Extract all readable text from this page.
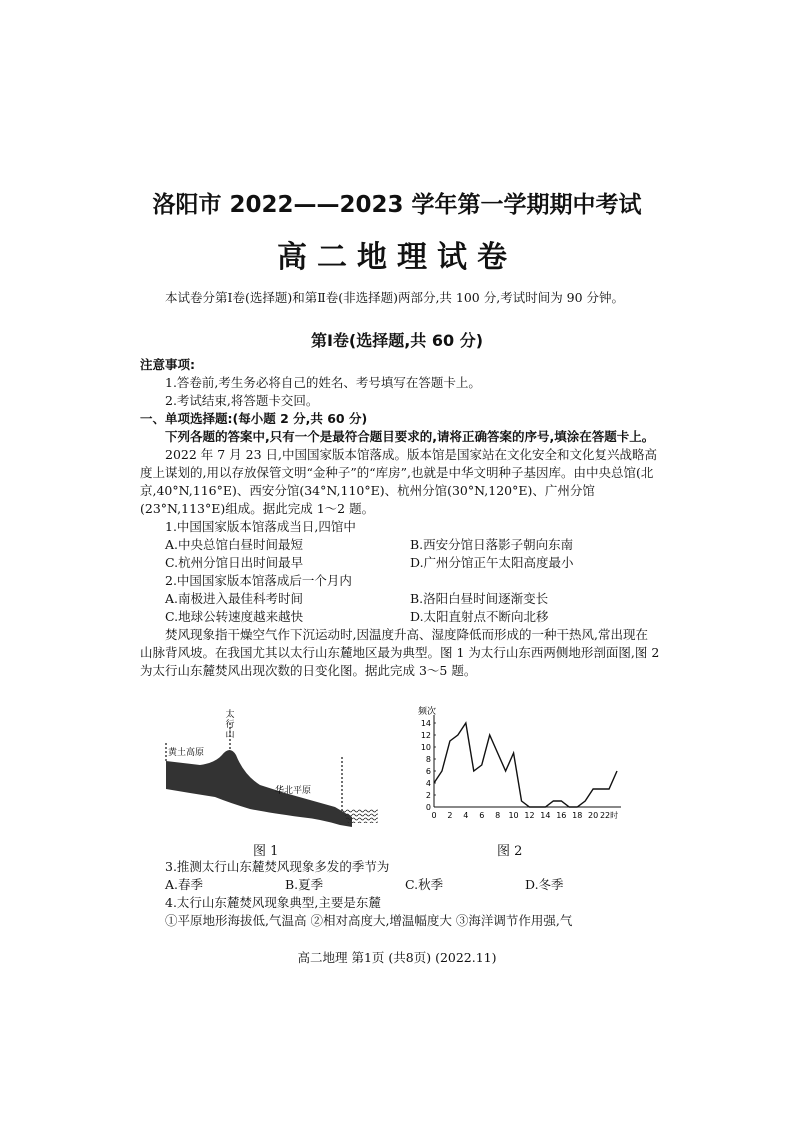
洛阳市 2022——2023 学年第一学期期中考试
高二地理试卷
本试卷分第Ⅰ卷(选择题)和第Ⅱ卷(非选择题)两部分,共 100 分,考试时间为 90 分钟。
第Ⅰ卷(选择题,共 60 分)

注意事项:

1.答卷前,考生务必将自己的姓名、考号填写在答题卡上。

2.考试结束,将答题卡交回。

一、单项选择题:(每小题 2 分,共 60 分)

下列各题的答案中,只有一个是最符合题目要求的,请将正确答案的序号,填涂在答题卡上。

2022 年 7 月 23 日,中国国家版本馆落成。版本馆是国家站在文化安全和文化复兴战略高度上谋划的,用以存放保管文明“金种子”的“库房”,也就是中华文明种子基因库。由中央总馆(北京,40°N,116°E)、西安分馆(34°N,110°E)、杭州分馆(30°N,120°E)、广州分馆(23°N,113°E)组成。据此完成 1～2 题。

1.中国国家版本馆落成当日,四馆中

A.中央总馆白昼时间最短	B.西安分馆日落影子朝向东南
C.杭州分馆日出时间最早	D.广州分馆正午太阳高度最小

2.中国国家版本馆落成后一个月内

A.南极进入最佳科考时间	B.洛阳白昼时间逐渐变长
C.地球公转速度越来越快	D.太阳直射点不断向北移

焚风现象指干燥空气作下沉运动时,因温度升高、湿度降低而形成的一种干热风,常出现在山脉背风坡。在我国尤其以太行山东麓地区最为典型。图 1 为太行山东西两侧地形剖面图,图 2 为太行山东麓焚风出现次数的日变化图。据此完成 3～5 题。

黄土高原
太
行
山
华北平原
图 1
频次
0
2
4
6
8
10
12
14
0 2 4 6 8 10 12 14 16 18 20 22时
图 2

3.推测太行山东麓焚风现象多发的季节为

A.春季	B.夏季	C.秋季	D.冬季

4.太行山东麓焚风现象典型,主要是东麓

①平原地形海拔低,气温高 ②相对高度大,增温幅度大 ③海洋调节作用强,气

高二地理 第1页 (共8页) (2022.11)
